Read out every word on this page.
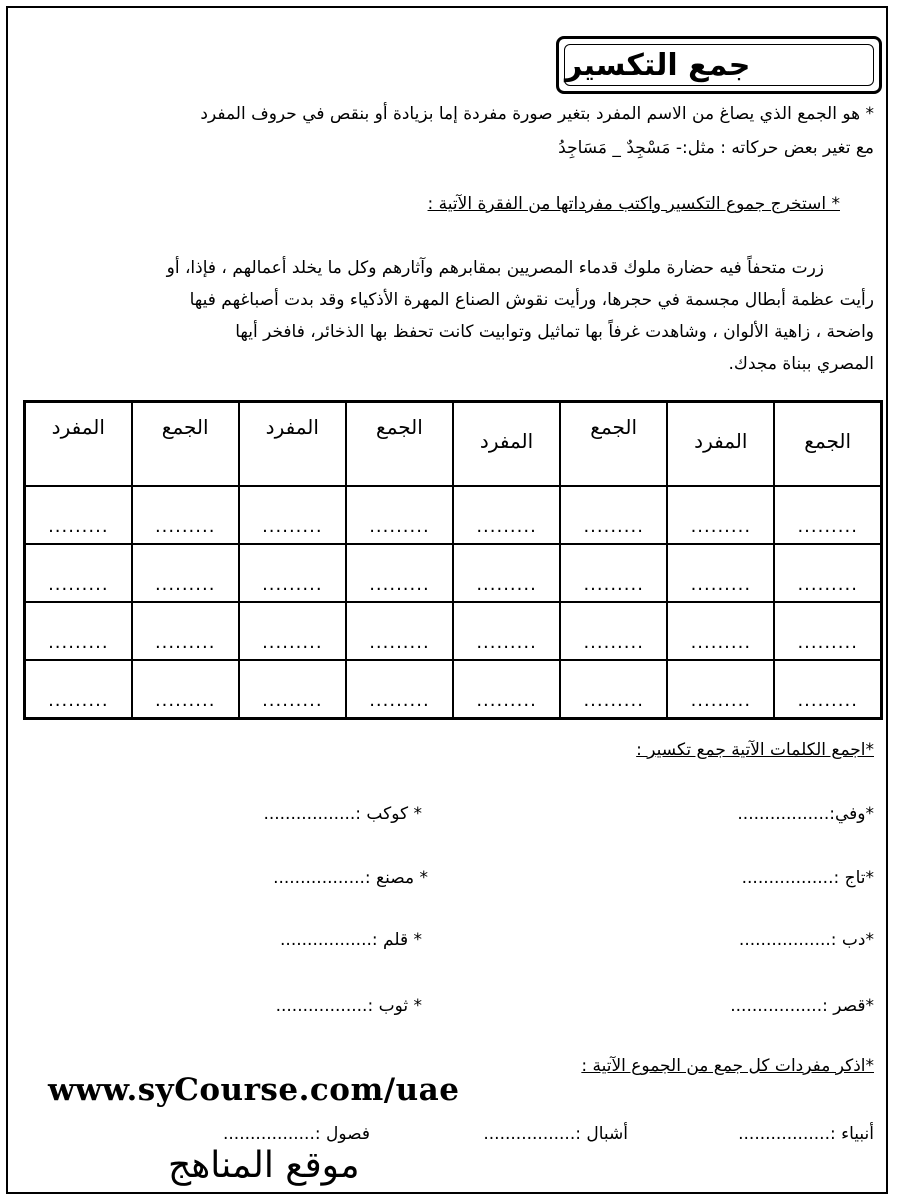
جمع التكسير
* هو الجمع الذي يصاغ من الاسم المفرد بتغير صورة مفردة إما بزيادة أو بنقص في حروف المفرد
مع تغير بعض حركاته : مثل:- مَسْجِدٌ _ مَسَاجِدُ
* استخرج جموع التكسير واكتب مفرداتها من الفقرة الآتية :
زرت متحفاً فيه حضارة ملوك قدماء المصريين بمقابرهم وآثارهم وكل ما يخلد أعمالهم ، فإذا، أو
رأيت عظمة أبطال مجسمة في حجرها، ورأيت نقوش الصناع المهرة الأذكياء وقد بدت أصباغهم فيها
واضحة ، زاهية الألوان ، وشاهدت غرفاً بها تماثيل وتوابيت كانت تحفظ بها الذخائر، فافخر أيها
المصري ببناة مجدك.
الجمع	المفرد	الجمع	المفرد	الجمع	المفرد	الجمع	المفرد
.........	.........	.........	.........	.........	.........	.........	.........
.........	.........	.........	.........	.........	.........	.........	.........
.........	.........	.........	.........	.........	.........	.........	.........
.........	.........	.........	.........	.........	.........	.........	.........
*اجمع الكلمات الآتية جمع تكسير :
*وفي:.................
* كوكب :.................
*تاج :.................
* مصنع :.................
*دب :.................
* قلم :.................
*قصر :.................
* ثوب :.................
*اذكر مفردات كل جمع من الجموع الآتية :
أنبياء :.................
أشبال :.................
فصول :.................
www.syCourse.com/uae
موقع المناهج
